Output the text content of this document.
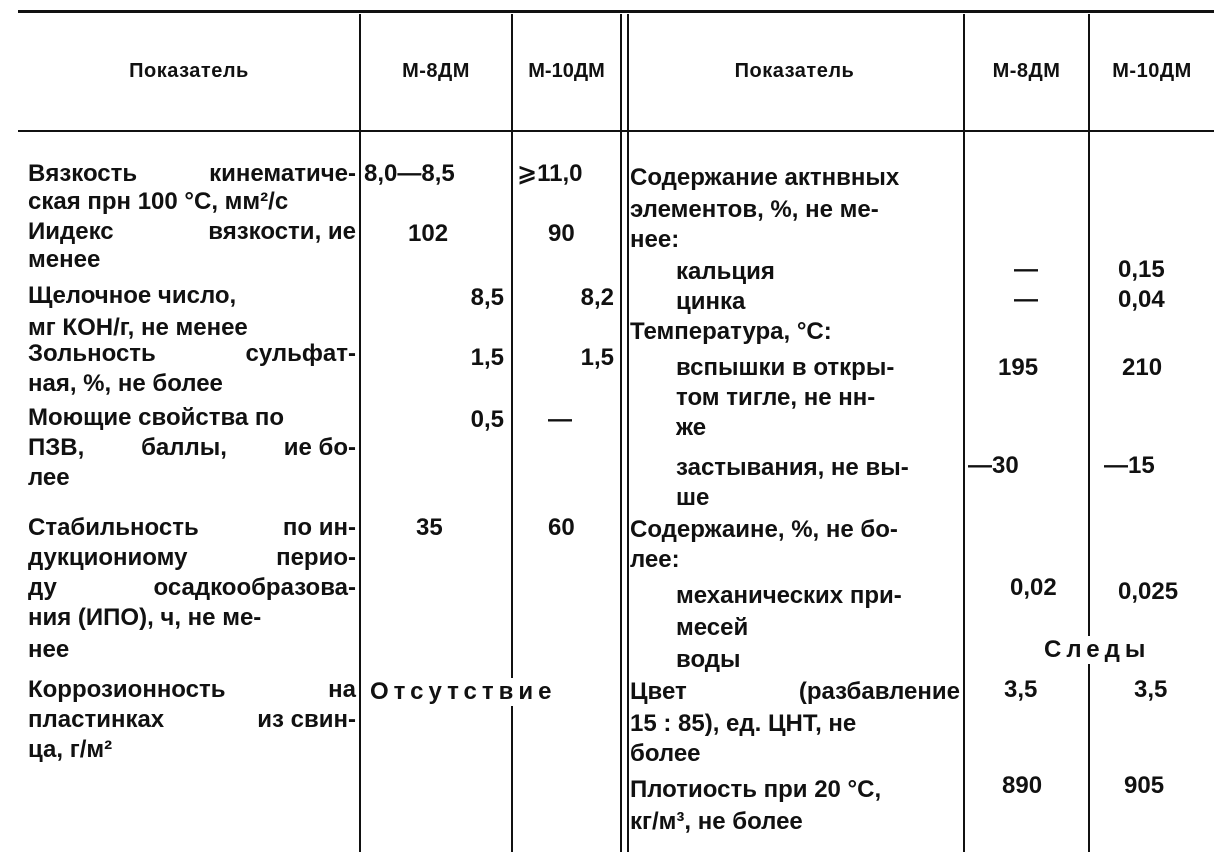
Показатель	М-8ДМ	М-10ДМ	Показатель	М-8ДМ	М-10ДМ
Вязкость	кинематиче-
ская прн 100 °С, мм²/с
8,0—8,5	⩾11,0
Иидекс	вязкости, ие
менее
102	90
Щелочное число,
мг КОН/г, не менее
8,5	8,2
Зольность	сульфат-
ная, %, не более
1,5	1,5
Моющие свойства по
ПЗВ, баллы, ие бо-
лее
0,5 —
Стабильность	по ин-
дукциониому	перио-
ду	осадкообразова-
ния (ИПО), ч, не ме-
нее
35	60
Коррозионность	на
пластинках	из свин-
ца, г/м²
Отсутствие
Содержание актнвных
элементов, %, не ме-
нее:
кальция	—	0,15
цинка	—	0,04
Температура, °С:
вспышки в откры-
том тигле, не нн-
же
195	210
застывания, не вы-
ше
—30	—15
Содержаине, %, не бо-
лее:
механических при-
месей
0,02	0,025
воды	Следы
Цвет	(разбавление
15 : 85), ед. ЦНТ, не
более
3,5	3,5
Плотиость при 20 °С,
кг/м³, не более
890	905
